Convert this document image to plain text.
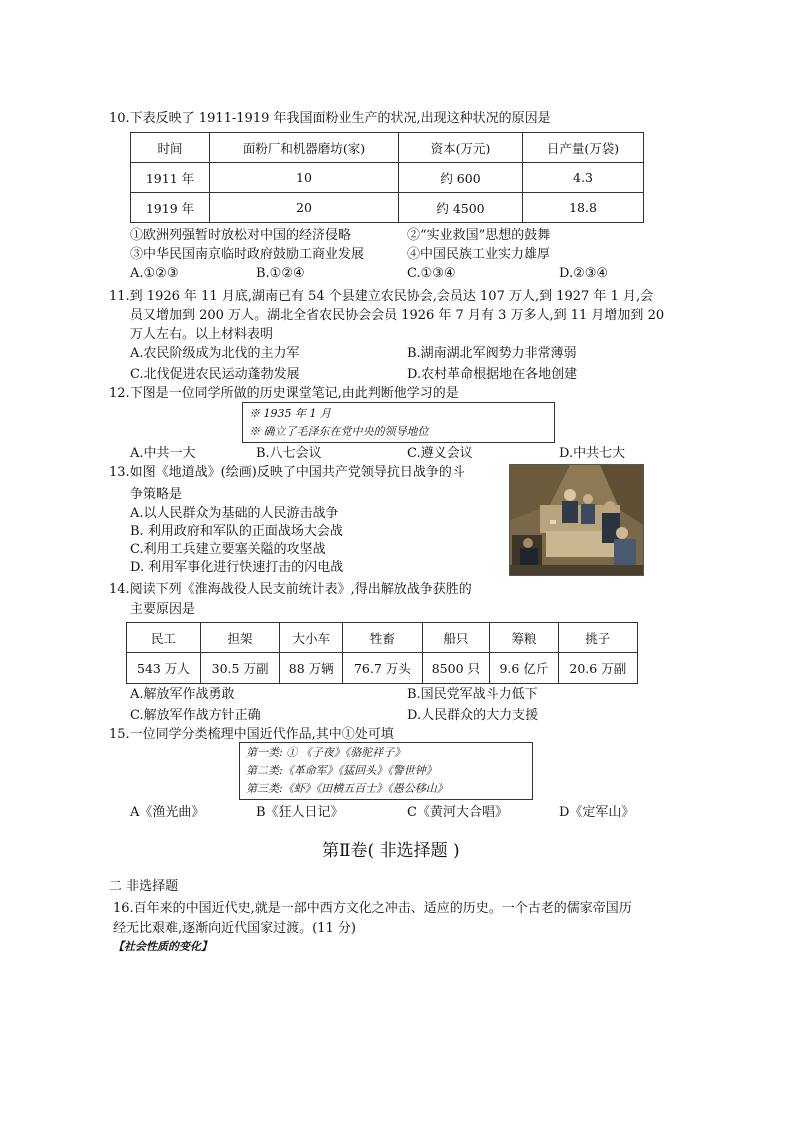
10.下表反映了 1911-1919 年我国面粉业生产的状况,出现这种状况的原因是
时间	面粉厂和机器磨坊(家)	资本(万元)	日产量(万袋)
1911 年	10	约 600	4.3
1919 年	20	约 4500	18.8
①欧洲列强暂时放松对中国的经济侵略	②“实业救国”思想的鼓舞
③中华民国南京临时政府鼓励工商业发展	④中国民族工业实力雄厚
A.①②③	B.①②④	C.①③④	D.②③④
11.到 1926 年 11 月底,湖南已有 54 个县建立农民协会,会员达 107 万人,到 1927 年 1 月,会
员又增加到 200 万人。湖北全省农民协会会员 1926 年 7 月有 3 万多人,到 11 月增加到 20
万人左右。以上材料表明
A.农民阶级成为北伐的主力军	B.湖南湖北军阀势力非常薄弱
C.北伐促进农民运动蓬勃发展	D.农村革命根据地在各地创建
12.下图是一位同学所做的历史课堂笔记,由此判断他学习的是
※ 1935 年 1 月
※ 确立了毛泽东在党中央的领导地位
A.中共一大	B.八七会议	C.遵义会议	D.中共七大
13.如图《地道战》(绘画)反映了中国共产党领导抗日战争的斗
争策略是
A.以人民群众为基础的人民游击战争
B. 利用政府和军队的正面战场大会战
C.利用工兵建立要塞关隘的攻坚战
D. 利用军事化进行快速打击的闪电战
14.阅读下列《淮海战役人民支前统计表》,得出解放战争获胜的
主要原因是
民工	担架	大小车	牲畜	船只	筹粮	挑子
543 万人	30.5 万副	88 万辆	76.7 万头	8500 只	9.6 亿斤	20.6 万副
A.解放军作战勇敢	B.国民党军战斗力低下
C.解放军作战方针正确	D.人民群众的大力支援
15.一位同学分类梳理中国近代作品,其中①处可填
第一类: ① 《子夜》《骆驼祥子》
第二类:《革命军》《猛回头》《警世钟》
第三类:《虾》《田横五百士》《愚公移山》
A《渔光曲》	B《狂人日记》	C《黄河大合唱》	D《定军山》
第Ⅱ卷( 非选择题 )
二 非选择题
16.百年来的中国近代史,就是一部中西方文化之冲击、适应的历史。一个古老的儒家帝国历
经无比艰难,逐渐向近代国家过渡。(11 分)
【社会性质的变化】
